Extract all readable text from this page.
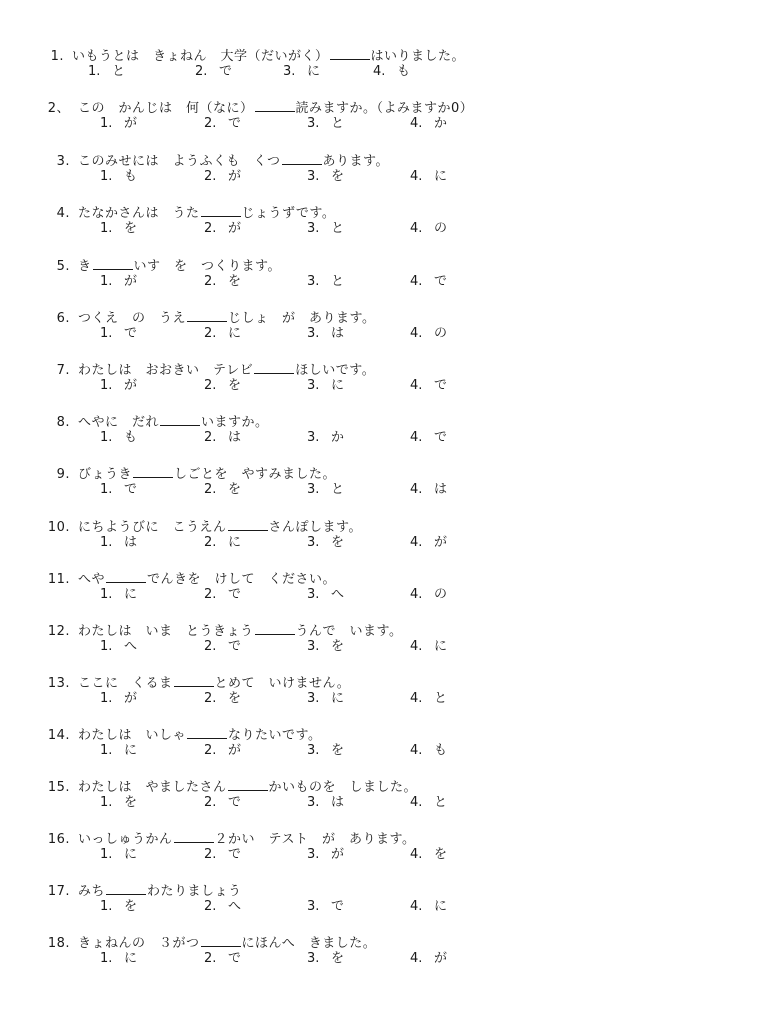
1. いもうとは　きょねん　大学（だいがく）	はいりました。
1. と	2. で	3. に	4. も
2、 この　かんじは　何（なに）	読みますか。（よみますか0）
1. が	2. で	3. と	4. か
3. このみせには　ようふくも　くつ	あります。
1. も	2. が	3. を	4. に
4. たなかさんは　うた	じょうずです。
1. を	2. が	3. と	4. の
5. き	いす　を　つくります。
1. が	2. を	3. と	4. で
6. つくえ　の　うえ	じしょ　が　あります。
1. で	2. に	3. は	4. の
7. わたしは　おおきい　テレビ	ほしいです。
1. が	2. を	3. に	4. で
8. へやに　だれ	いますか。
1. も	2. は	3. か	4. で
9. びょうき	しごとを　やすみました。
1. で	2. を	3. と	4. は
10. にちようびに　こうえん	さんぽします。
1. は	2. に	3. を	4. が
11. へや	でんきを　けして　ください。
1. に	2. で	3. へ	4. の
12. わたしは　いま　とうきょう	うんで　います。
1. へ	2. で	3. を	4. に
13. ここに　くるま	とめて　いけません。
1. が	2. を	3. に	4. と
14. わたしは　いしゃ	なりたいです。
1. に	2. が	3. を	4. も
15. わたしは　やましたさん	かいものを　しました。
1. を	2. で	3. は	4. と
16. いっしゅうかん	２かい　テスト　が　あります。
1. に	2. で	3. が	4. を
17. みち	わたりましょう
1. を	2. へ	3. で	4. に
18. きょねんの　３がつ	にほんへ　きました。
1. に	2. で	3. を	4. が
